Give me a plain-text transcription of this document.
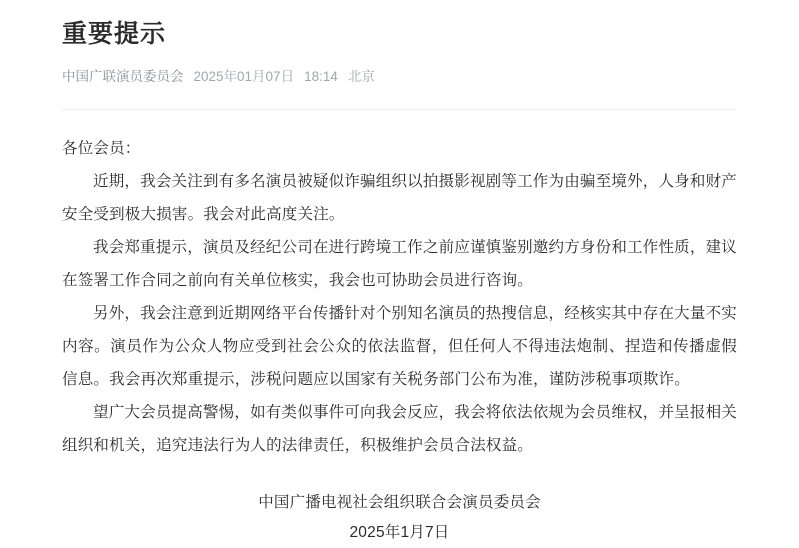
重要提示
中国广联演员委员会 2025年01月07日 18:14 北京

各位会员：

近期，我会关注到有多名演员被疑似诈骗组织以拍摄影视剧等工作为由骗至境外，人身和财产安全受到极大损害。我会对此高度关注。

我会郑重提示，演员及经纪公司在进行跨境工作之前应谨慎鉴别邀约方身份和工作性质，建议在签署工作合同之前向有关单位核实，我会也可协助会员进行咨询。

另外，我会注意到近期网络平台传播针对个别知名演员的热搜信息，经核实其中存在大量不实内容。演员作为公众人物应受到社会公众的依法监督，但任何人不得违法炮制、捏造和传播虚假信息。我会再次郑重提示，涉税问题应以国家有关税务部门公布为准，谨防涉税事项欺诈。

望广大会员提高警惕，如有类似事件可向我会反应，我会将依法依规为会员维权，并呈报相关组织和机关，追究违法行为人的法律责任，积极维护会员合法权益。

中国广播电视社会组织联合会演员委员会

2025年1月7日
